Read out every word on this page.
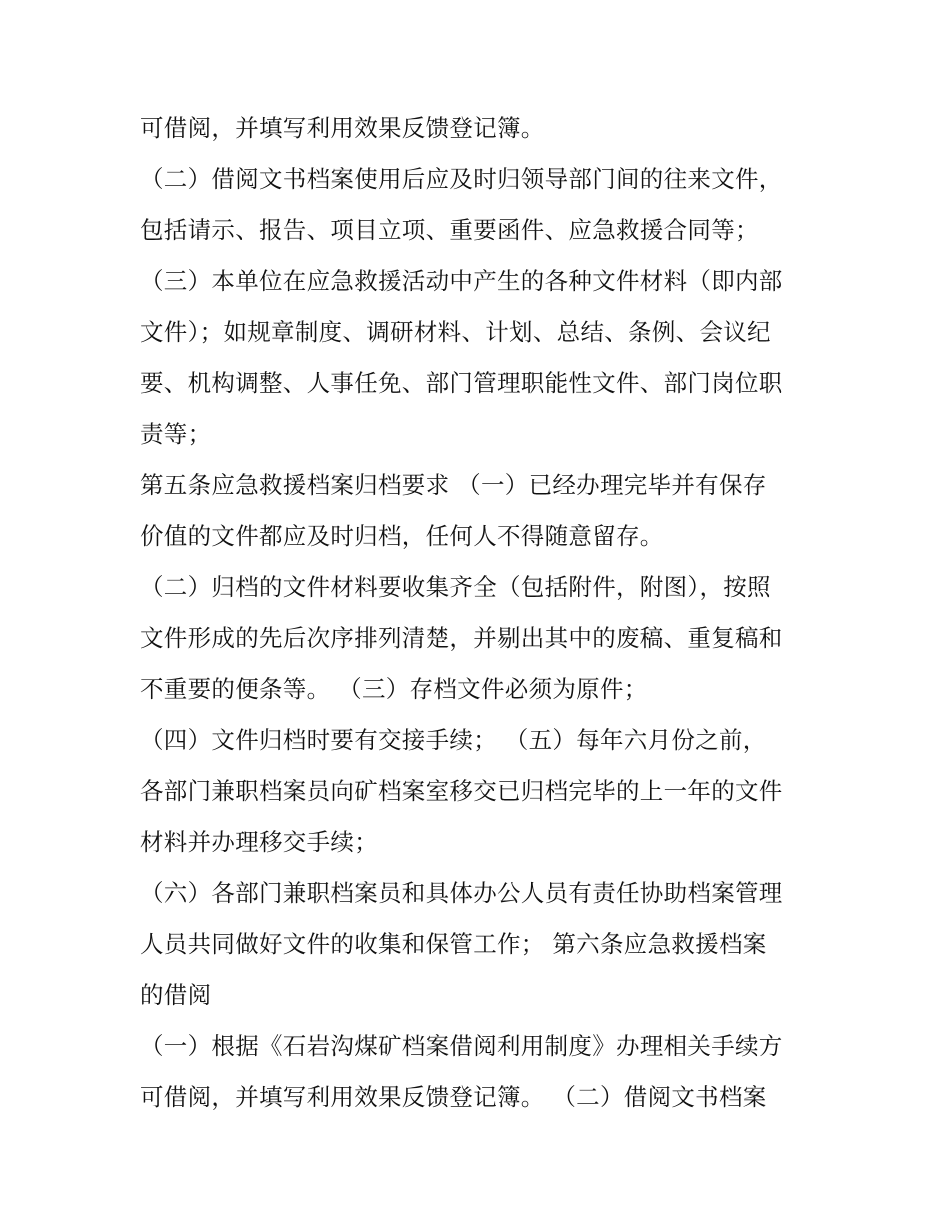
可借阅，并填写利用效果反馈登记簿。
（二）借阅文书档案使用后应及时归领导部门间的往来文件，
包括请示、报告、项目立项、重要函件、应急救援合同等；
（三）本单位在应急救援活动中产生的各种文件材料（即内部
文件）；如规章制度、调研材料、计划、总结、条例、会议纪
要、机构调整、人事任免、部门管理职能性文件、部门岗位职
责等；
第五条应急救援档案归档要求 （一）已经办理完毕并有保存
价值的文件都应及时归档，任何人不得随意留存。
（二）归档的文件材料要收集齐全（包括附件，附图），按照
文件形成的先后次序排列清楚，并剔出其中的废稿、重复稿和
不重要的便条等。 （三）存档文件必须为原件；
（四）文件归档时要有交接手续； （五）每年六月份之前，
各部门兼职档案员向矿档案室移交已归档完毕的上一年的文件
材料并办理移交手续；
（六）各部门兼职档案员和具体办公人员有责任协助档案管理
人员共同做好文件的收集和保管工作； 第六条应急救援档案
的借阅
（一）根据《石岩沟煤矿档案借阅利用制度》办理相关手续方
可借阅，并填写利用效果反馈登记簿。 （二）借阅文书档案
